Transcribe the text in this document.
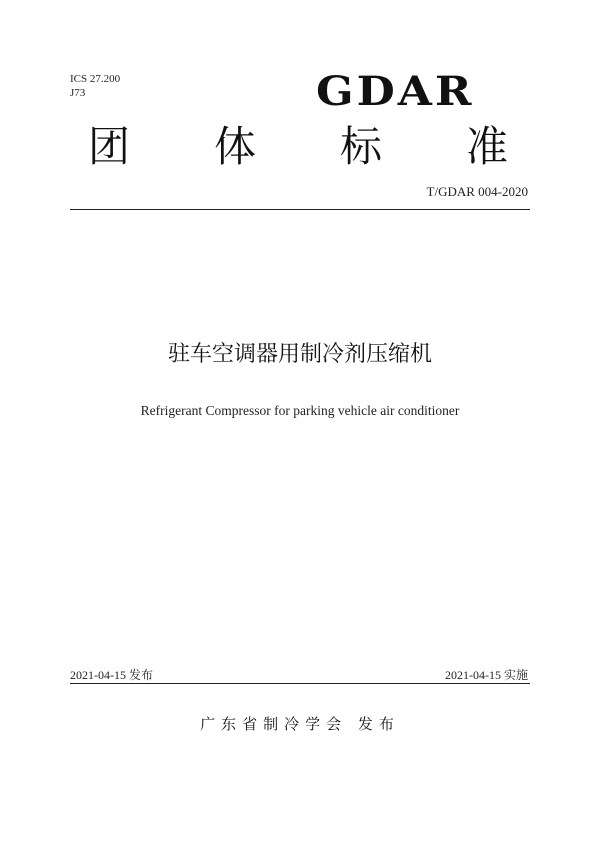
ICS 27.200
J73	GDAR
团 体 标 准
T/GDAR 004-2020
驻车空调器用制冷剂压缩机
Refrigerant Compressor for parking vehicle air conditioner
2021-04-15 发布	2021-04-15 实施
广东省制冷学会 发布
